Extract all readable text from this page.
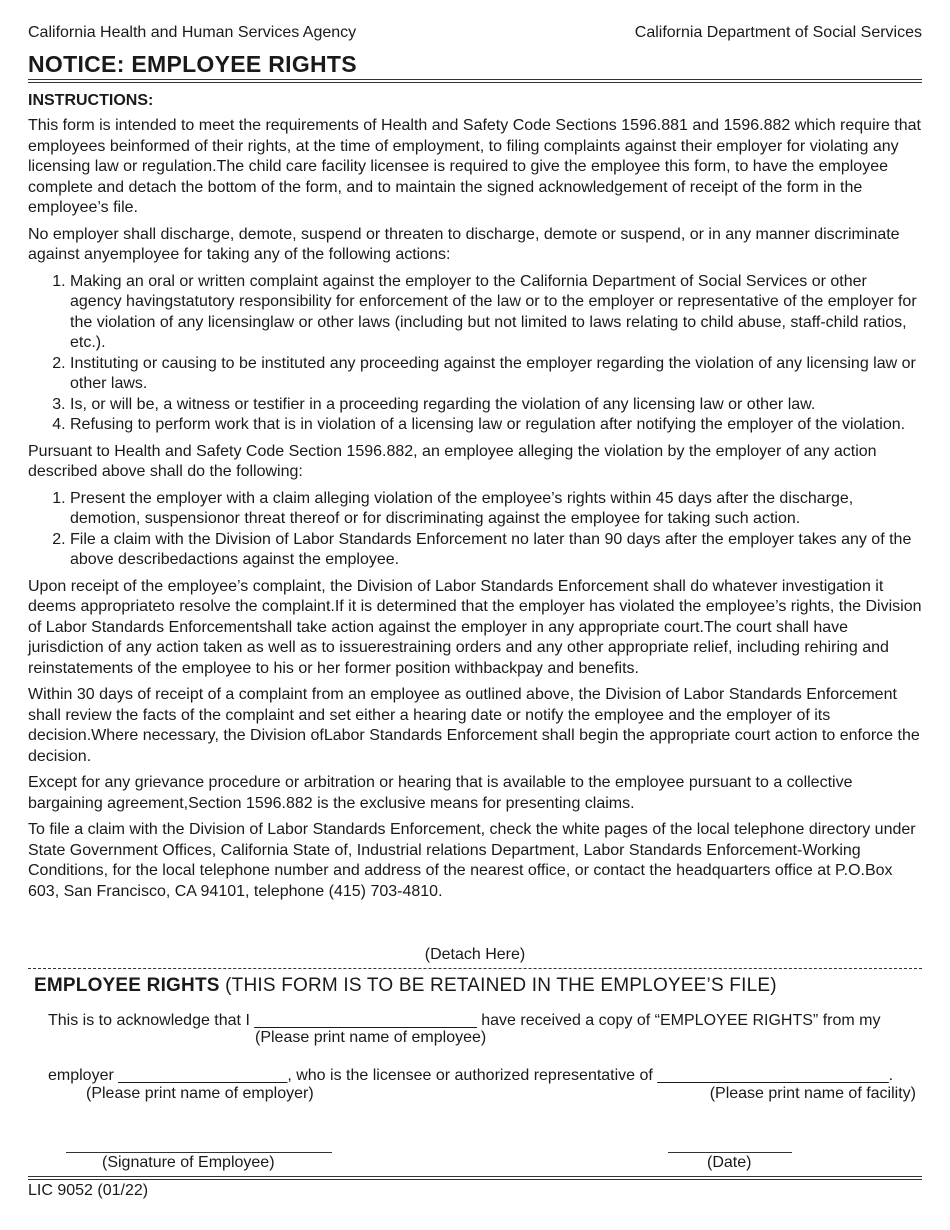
California Health and Human Services Agency	California Department of Social Services
NOTICE: EMPLOYEE RIGHTS

INSTRUCTIONS:

This form is intended to meet the requirements of Health and Safety Code Sections 1596.881 and 1596.882 which require that employees beinformed of their rights, at the time of employment, to filing complaints against their employer for violating any licensing law or regulation.The child care facility licensee is required to give the employee this form, to have the employee complete and detach the bottom of the form, and to maintain the signed acknowledgement of receipt of the form in the employee’s file.

No employer shall discharge, demote, suspend or threaten to discharge, demote or suspend, or in any manner discriminate against anyemployee for taking any of the following actions:

1. Making an oral or written complaint against the employer to the California Department of Social Services or other agency havingstatutory responsibility for enforcement of the law or to the employer or representative of the employer for the violation of any licensinglaw or other laws (including but not limited to laws relating to child abuse, staff-child ratios, etc.).
2. Instituting or causing to be instituted any proceeding against the employer regarding the violation of any licensing law or other laws.
3. Is, or will be, a witness or testifier in a proceeding regarding the violation of any licensing law or other law.
4. Refusing to perform work that is in violation of a licensing law or regulation after notifying the employer of the violation.

Pursuant to Health and Safety Code Section 1596.882, an employee alleging the violation by the employer of any action described above shall do the following:

1. Present the employer with a claim alleging violation of the employee’s rights within 45 days after the discharge, demotion, suspensionor threat thereof or for discriminating against the employee for taking such action.
2. File a claim with the Division of Labor Standards Enforcement no later than 90 days after the employer takes any of the above describedactions against the employee.

Upon receipt of the employee’s complaint, the Division of Labor Standards Enforcement shall do whatever investigation it deems appropriateto resolve the complaint.If it is determined that the employer has violated the employee’s rights, the Division of Labor Standards Enforcementshall take action against the employer in any appropriate court.The court shall have jurisdiction of any action taken as well as to issuerestraining orders and any other appropriate relief, including rehiring and reinstatements of the employee to his or her former position withbackpay and benefits.

Within 30 days of receipt of a complaint from an employee as outlined above, the Division of Labor Standards Enforcement shall review the facts of the complaint and set either a hearing date or notify the employee and the employer of its decision.Where necessary, the Division ofLabor Standards Enforcement shall begin the appropriate court action to enforce the decision.

Except for any grievance procedure or arbitration or hearing that is available to the employee pursuant to a collective bargaining agreement,Section 1596.882 is the exclusive means for presenting claims.

To file a claim with the Division of Labor Standards Enforcement, check the white pages of the local telephone directory under State Government Offices, California State of, Industrial relations Department, Labor Standards Enforcement-Working Conditions, for the local telephone number and address of the nearest office, or contact the headquarters office at P.O.Box 603, San Francisco, CA 94101, telephone (415) 703-4810.

(Detach Here)
EMPLOYEE RIGHTS (THIS FORM IS TO BE RETAINED IN THE EMPLOYEE’S FILE)
This is to acknowledge that I _________________________ have received a copy of “EMPLOYEE RIGHTS” from my
(Please print name of employee)
employer ___________________, who is the licensee or authorized representative of __________________________.
(Please print name of employer)	(Please print name of facility)
(Signature of Employee)	(Date)
LIC 9052 (01/22)
